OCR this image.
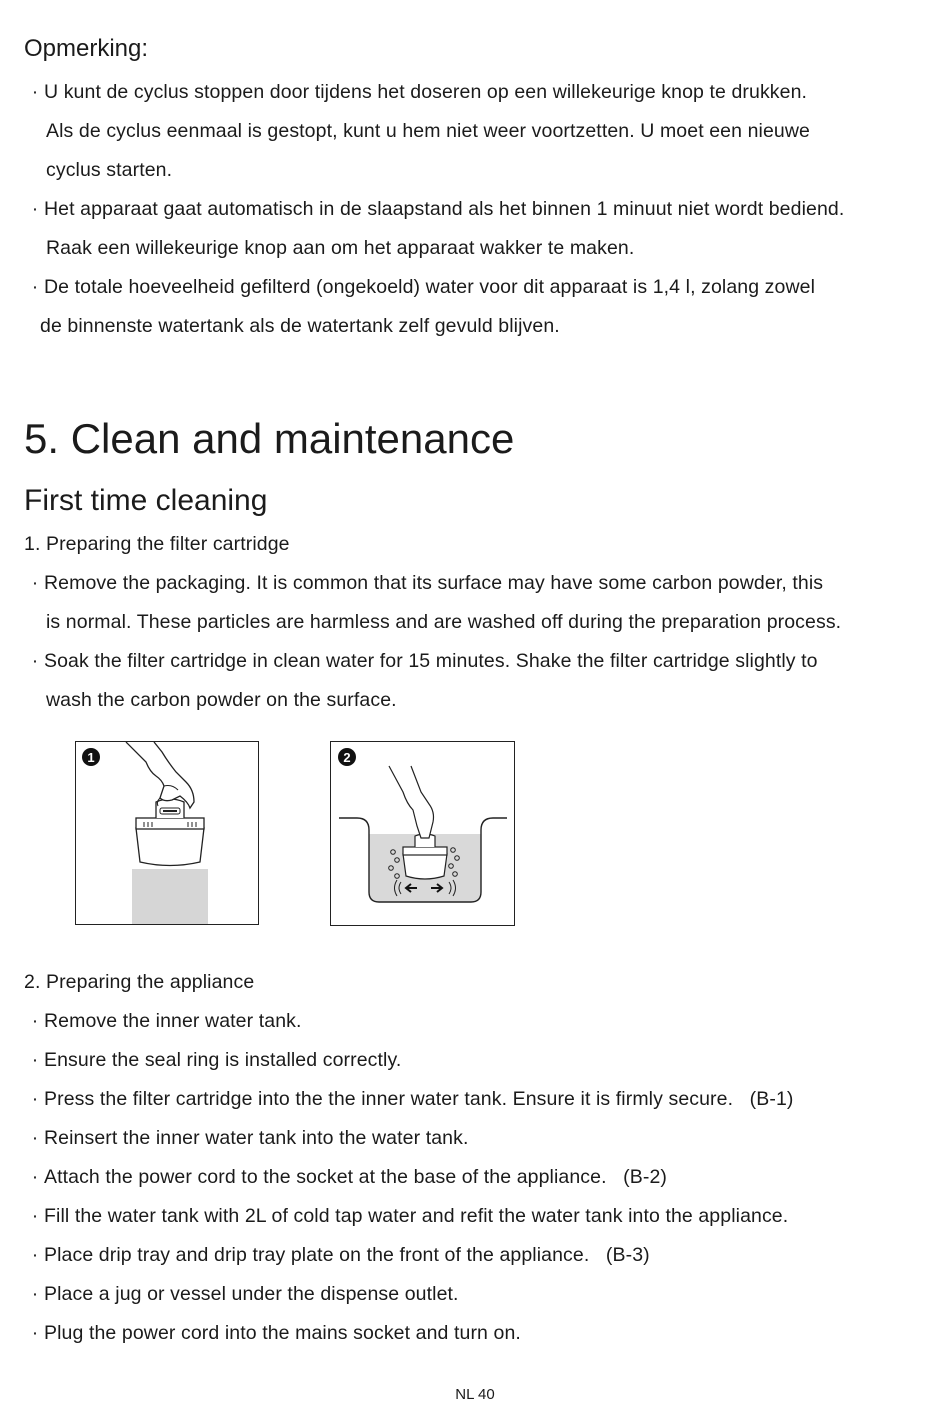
Opmerking:
· U kunt de cyclus stoppen door tijdens het doseren op een willekeurige knop te drukken.
Als de cyclus eenmaal is gestopt, kunt u hem niet weer voortzetten. U moet een nieuwe
cyclus starten.
· Het apparaat gaat automatisch in de slaapstand als het binnen 1 minuut niet wordt bediend.
Raak een willekeurige knop aan om het apparaat wakker te maken.
· De totale hoeveelheid gefilterd (ongekoeld) water voor dit apparaat is 1,4 l, zolang zowel
de binnenste watertank als de watertank zelf gevuld blijven.
5. Clean and maintenance
First time cleaning
1. Preparing the filter cartridge
· Remove the packaging. It is common that its surface may have some carbon powder, this
is normal. These particles are harmless and are washed off during the preparation process.
· Soak the filter cartridge in clean water for 15 minutes. Shake the filter cartridge slightly to
wash the carbon powder on the surface.
1	2
2. Preparing the appliance
· Remove the inner water tank.
· Ensure the seal ring is installed correctly.
· Press the filter cartridge into the the inner water tank. Ensure it is firmly secure.   (B-1)
· Reinsert the inner water tank into the water tank.
· Attach the power cord to the socket at the base of the appliance.   (B-2)
· Fill the water tank with 2L of cold tap water and refit the water tank into the appliance.
· Place drip tray and drip tray plate on the front of the appliance.   (B-3)
· Place a jug or vessel under the dispense outlet.
· Plug the power cord into the mains socket and turn on.
NL 40
